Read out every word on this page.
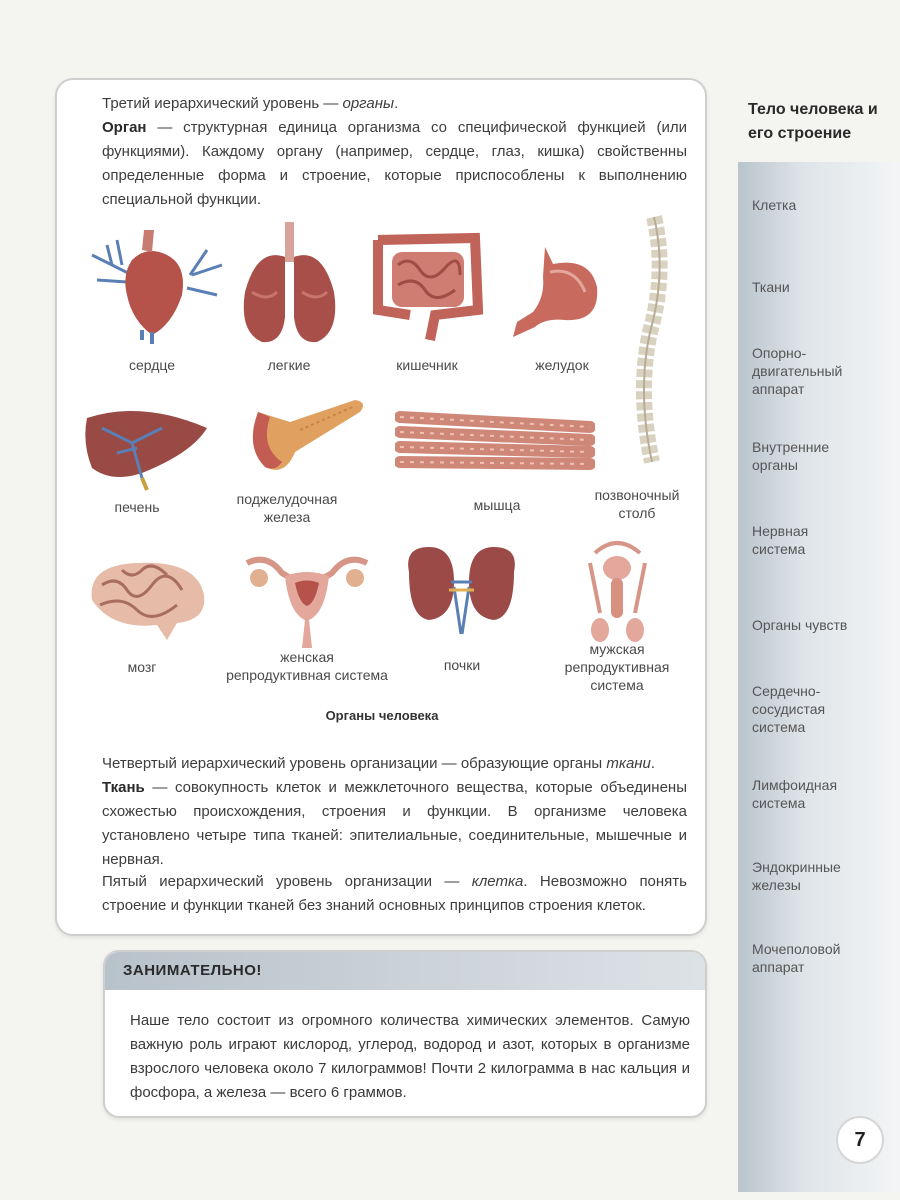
Третий иерархический уровень — органы.
Орган — структурная единица организма со специфической функцией (или функциями). Каждому органу (например, сердце, глаз, кишка) свойственны определенные форма и строение, которые приспособлены к выполнению специальной функции.
сердце	легкие	кишечник	желудок
печень	поджелудочная
железа
мышца
позвоночный
столб
мозг
женская
репродуктивная система
почки
мужская
репродуктивная
система
Органы человека
Четвертый иерархический уровень организации — образующие органы ткани.
Ткань — совокупность клеток и межклеточного вещества, которые объединены схожестью происхождения, строения и функции. В организме человека установлено четыре типа тканей: эпителиальные, соединительные, мышечные и нервная.
Пятый иерархический уровень организации — клетка. Невозможно понять строение и функции тканей без знаний основных принципов строения клеток.
Тело человека и его строение
Клетка
Ткани
Опорно-
двигательный
аппарат
Внутренние
органы
Нервная
система
Органы чувств
Сердечно-
сосудистая
система
Лимфоидная
система
Эндокринные
железы
Мочеполовой
аппарат
ЗАНИМАТЕЛЬНО!
Наше тело состоит из огромного количества химических элементов. Самую важную роль играют кислород, углерод, водород и азот, которых в организме взрослого человека около 7 килограммов! Почти 2 килограмма в нас кальция и фосфора, а железа — всего 6 граммов.
7
